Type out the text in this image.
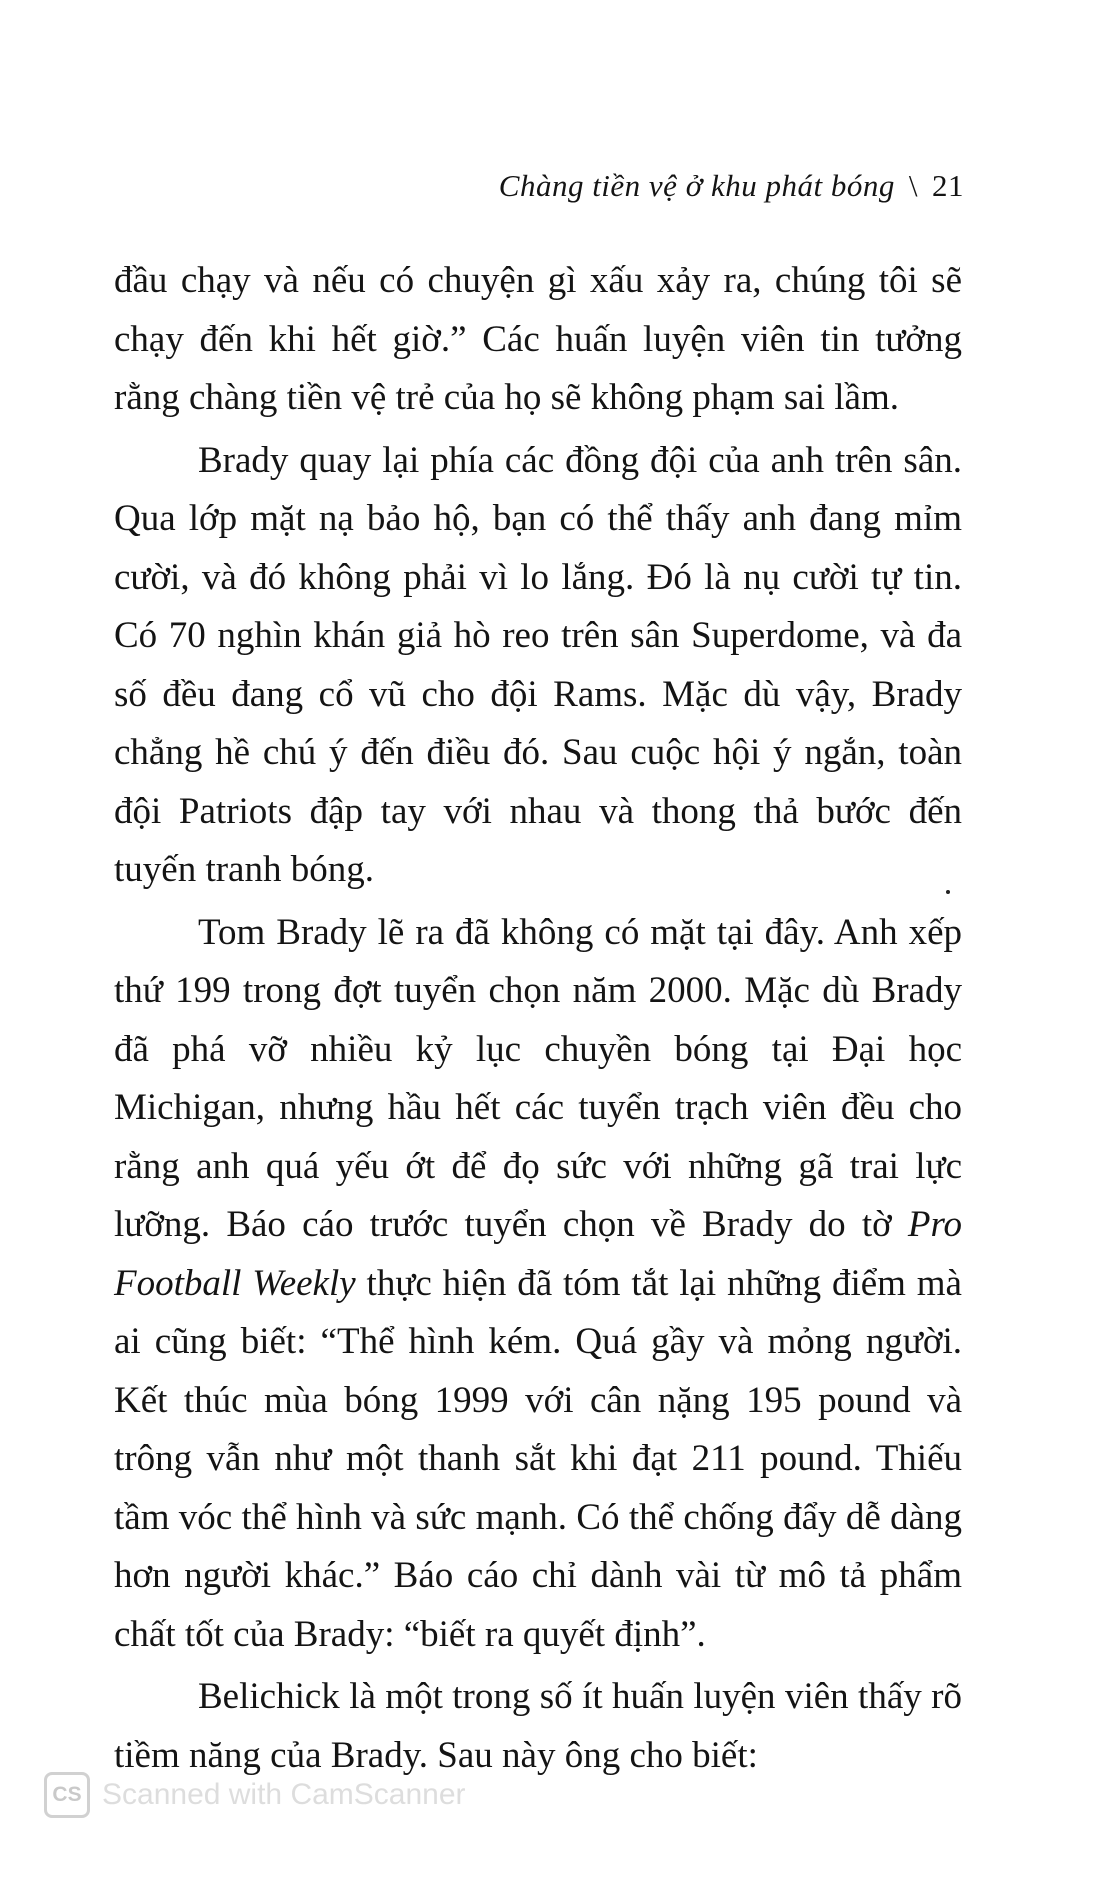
Chàng tiền vệ ở khu phát bóng \ 21

đầu chạy và nếu có chuyện gì xấu xảy ra, chúng tôi sẽ chạy đến khi hết giờ.” Các huấn luyện viên tin tưởng rằng chàng tiền vệ trẻ của họ sẽ không phạm sai lầm.

Brady quay lại phía các đồng đội của anh trên sân. Qua lớp mặt nạ bảo hộ, bạn có thể thấy anh đang mỉm cười, và đó không phải vì lo lắng. Đó là nụ cười tự tin. Có 70 nghìn khán giả hò reo trên sân Superdome, và đa số đều đang cổ vũ cho đội Rams. Mặc dù vậy, Brady chẳng hề chú ý đến điều đó. Sau cuộc hội ý ngắn, toàn đội Patriots đập tay với nhau và thong thả bước đến tuyến tranh bóng.

Tom Brady lẽ ra đã không có mặt tại đây. Anh xếp thứ 199 trong đợt tuyển chọn năm 2000. Mặc dù Brady đã phá vỡ nhiều kỷ lục chuyền bóng tại Đại học Michigan, nhưng hầu hết các tuyển trạch viên đều cho rằng anh quá yếu ớt để đọ sức với những gã trai lực lưỡng. Báo cáo trước tuyển chọn về Brady do tờ Pro Football Weekly thực hiện đã tóm tắt lại những điểm mà ai cũng biết: “Thể hình kém. Quá gầy và mỏng người. Kết thúc mùa bóng 1999 với cân nặng 195 pound và trông vẫn như một thanh sắt khi đạt 211 pound. Thiếu tầm vóc thể hình và sức mạnh. Có thể chống đẩy dễ dàng hơn người khác.” Báo cáo chỉ dành vài từ mô tả phẩm chất tốt của Brady: “biết ra quyết định”.

Belichick là một trong số ít huấn luyện viên thấy rõ tiềm năng của Brady. Sau này ông cho biết:

CS Scanned with CamScanner
